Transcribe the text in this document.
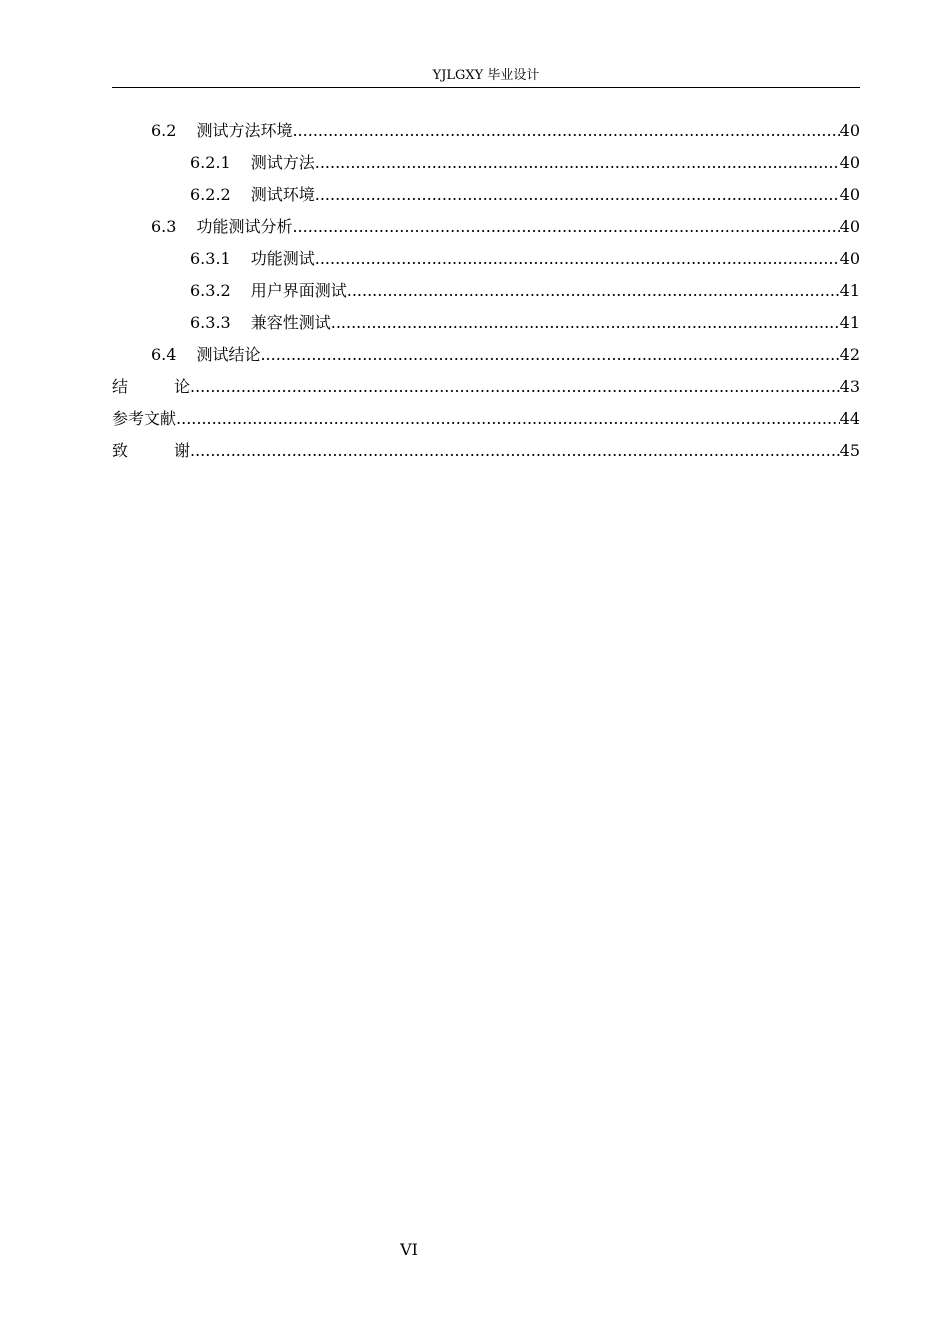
YJLGXY 毕业设计
6.2 测试方法环境 .....	40
6.2.1 测试方法 .....	40
6.2.2 测试环境 .....	40
6.3 功能测试分析 .....	40
6.3.1 功能测试 .....	40
6.3.2 用户界面测试 .....	41
6.3.3 兼容性测试 .....	41
6.4 测试结论 .....	42
结	论 .....	43
参考文献 .....	44
致	谢 .....	45
VI
